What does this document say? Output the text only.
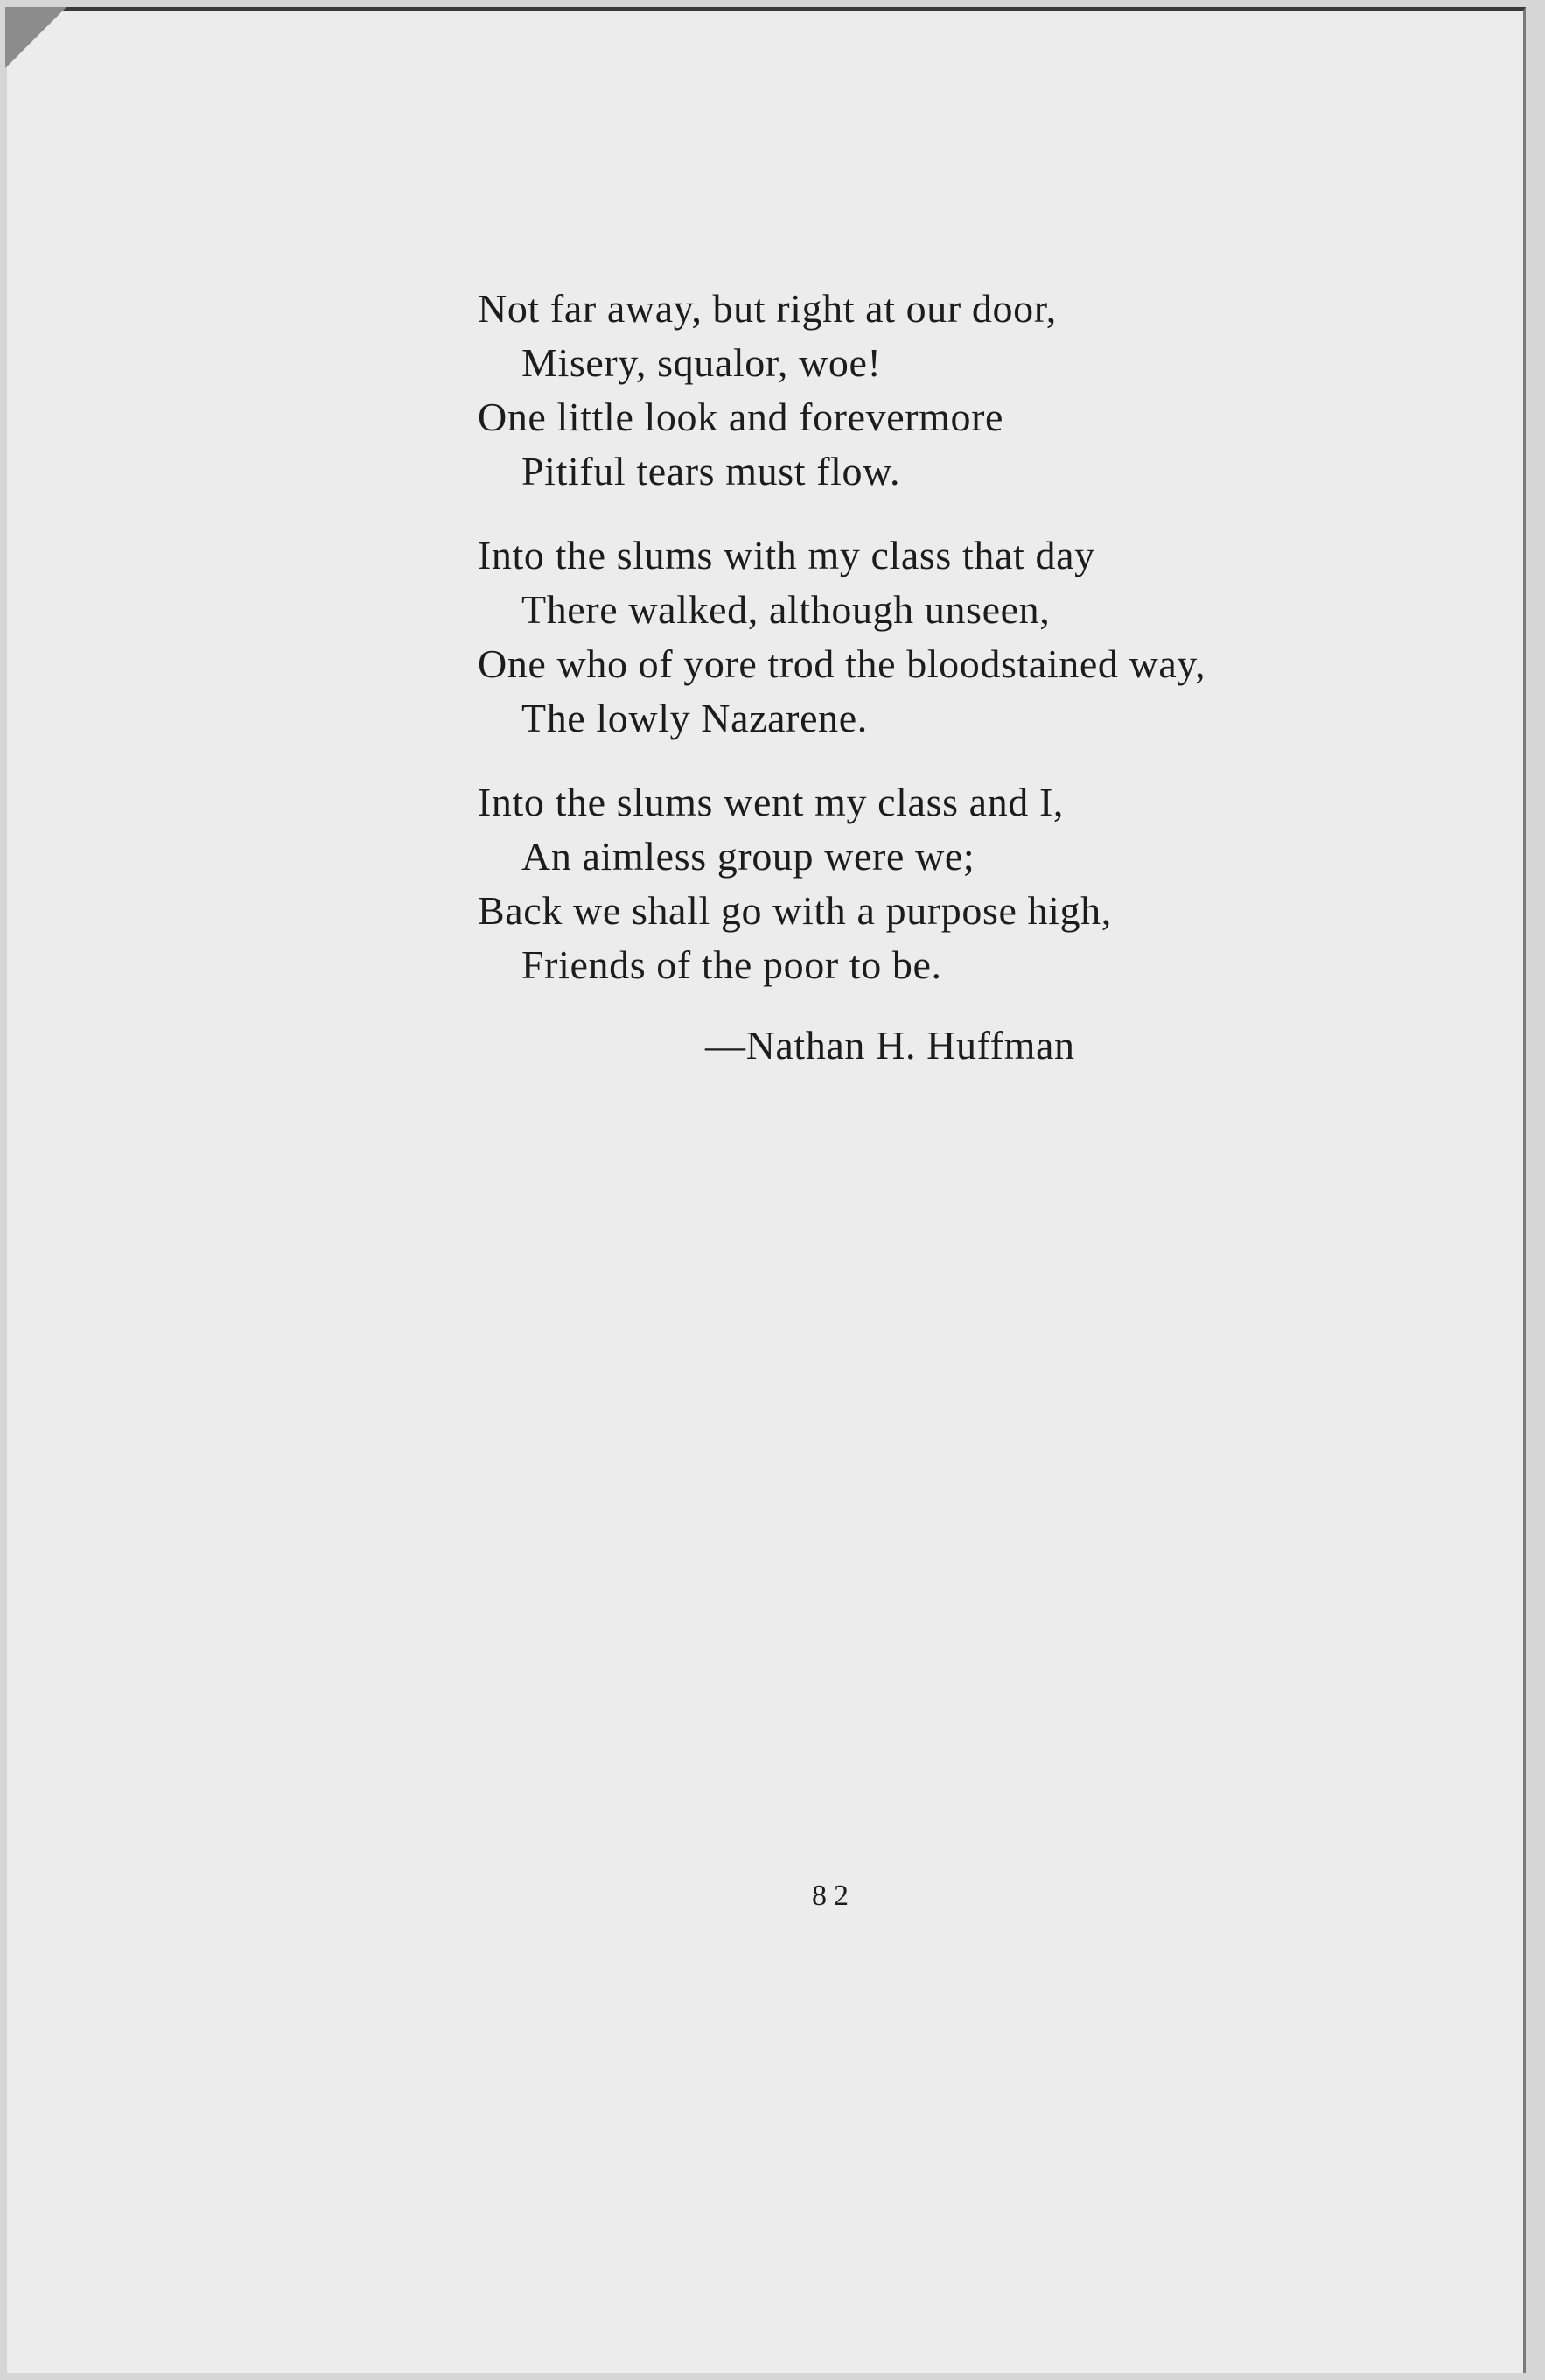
Not far away, but right at our door,
Misery, squalor, woe!
One little look and forevermore
Pitiful tears must flow.
Into the slums with my class that day
There walked, although unseen,
One who of yore trod the bloodstained way,
The lowly Nazarene.
Into the slums went my class and I,
An aimless group were we;
Back we shall go with a purpose high,
Friends of the poor to be.
—Nathan H. Huffman
82
